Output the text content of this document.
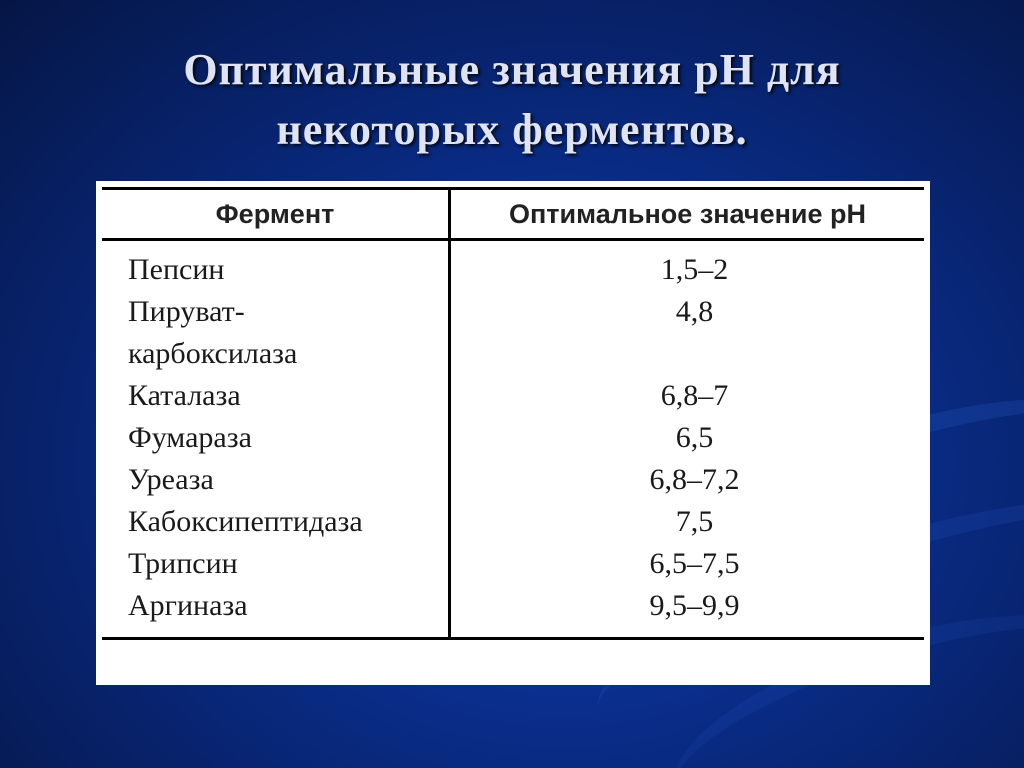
Оптимальные значения рН для
некоторых ферментов.
Фермент	Оптимальное значение рН
Пепсин	1,5–2
Пируват-
карбоксилаза	4,8
Каталаза	6,8–7
Фумараза	6,5
Уреаза	6,8–7,2
Кабоксипептидаза	7,5
Трипсин	6,5–7,5
Аргиназа	9,5–9,9
